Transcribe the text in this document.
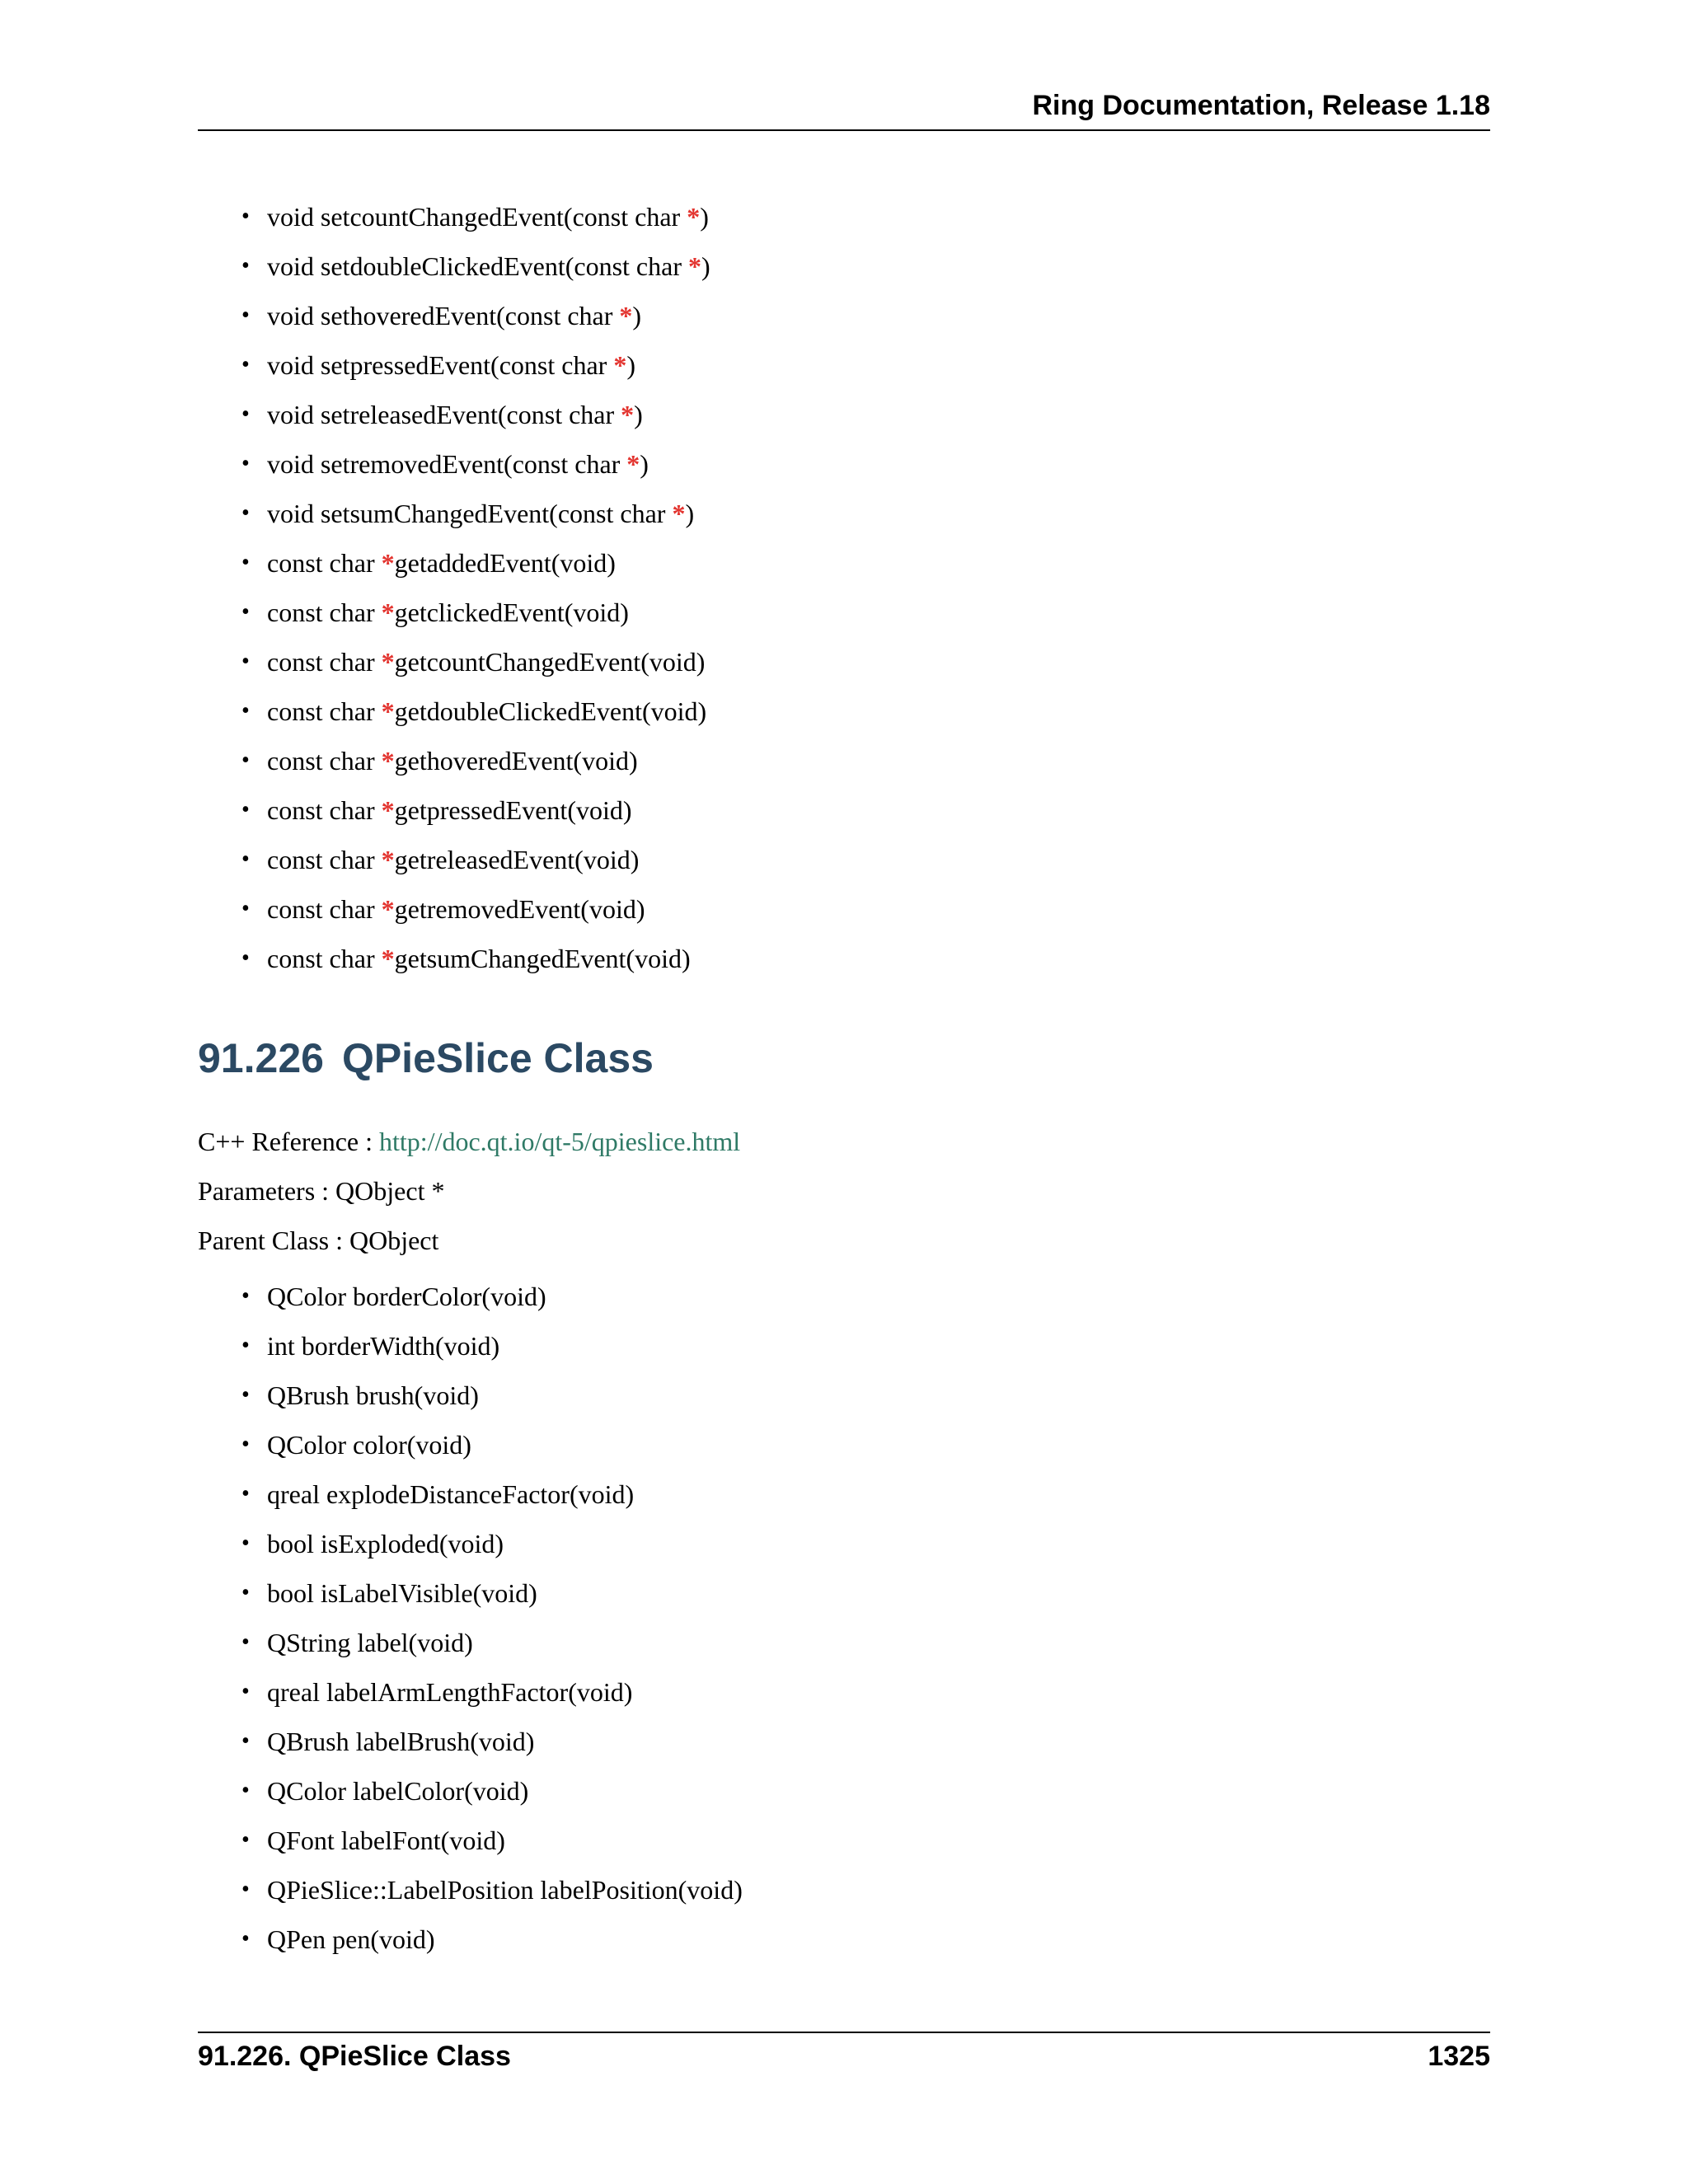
Ring Documentation, Release 1.18
• void setcountChangedEvent(const char *)
• void setdoubleClickedEvent(const char *)
• void sethoveredEvent(const char *)
• void setpressedEvent(const char *)
• void setreleasedEvent(const char *)
• void setremovedEvent(const char *)
• void setsumChangedEvent(const char *)
• const char *getaddedEvent(void)
• const char *getclickedEvent(void)
• const char *getcountChangedEvent(void)
• const char *getdoubleClickedEvent(void)
• const char *gethoveredEvent(void)
• const char *getpressedEvent(void)
• const char *getreleasedEvent(void)
• const char *getremovedEvent(void)
• const char *getsumChangedEvent(void)
91.226 QPieSlice Class
C++ Reference : http://doc.qt.io/qt-5/qpieslice.html
Parameters : QObject *
Parent Class : QObject
• QColor borderColor(void)
• int borderWidth(void)
• QBrush brush(void)
• QColor color(void)
• qreal explodeDistanceFactor(void)
• bool isExploded(void)
• bool isLabelVisible(void)
• QString label(void)
• qreal labelArmLengthFactor(void)
• QBrush labelBrush(void)
• QColor labelColor(void)
• QFont labelFont(void)
• QPieSlice::LabelPosition labelPosition(void)
• QPen pen(void)
91.226. QPieSlice Class	1325
